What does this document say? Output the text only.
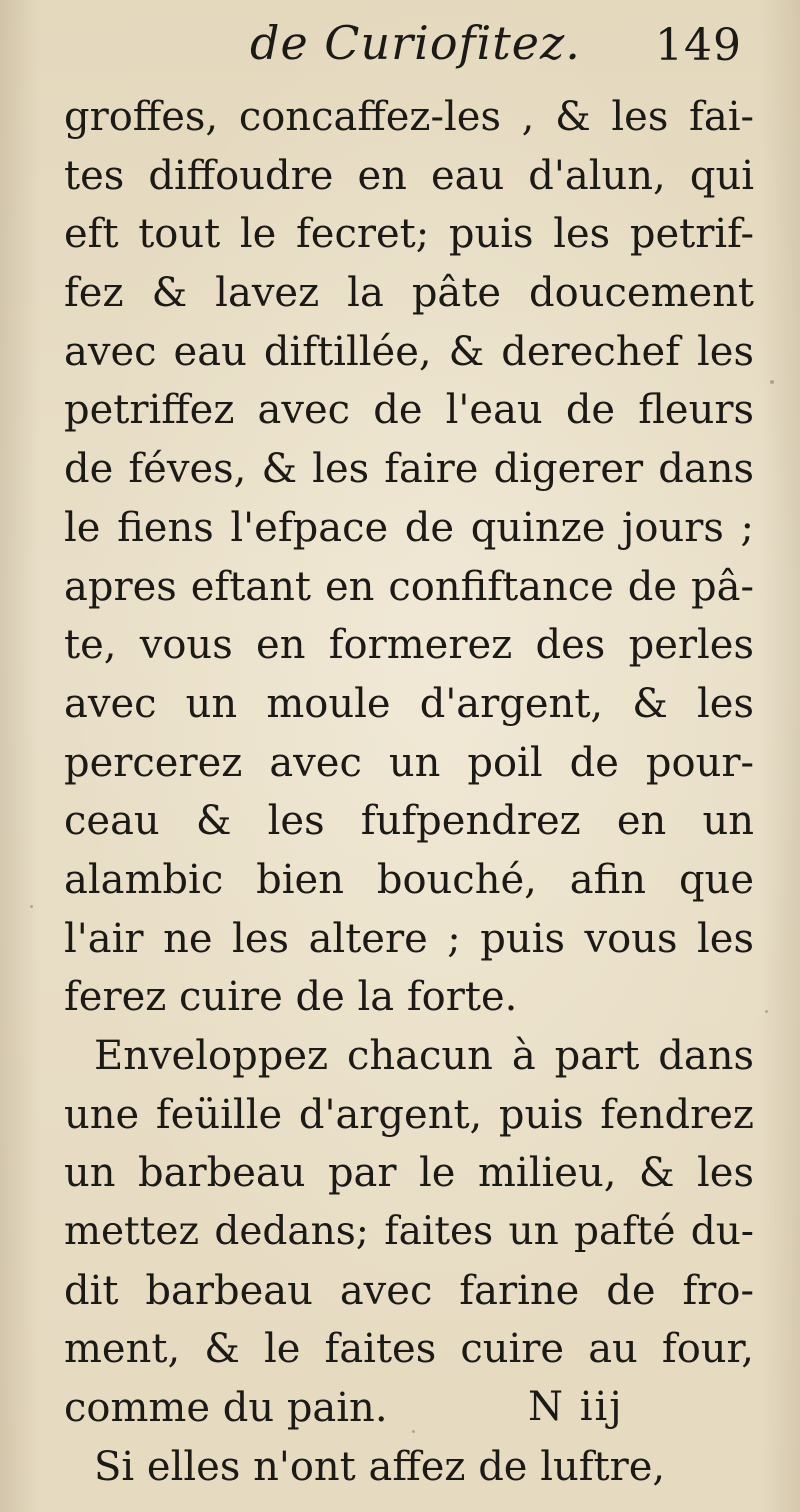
de Curiofitez. 149
groffes, concaffez-les , & les fai-
tes diffoudre en eau d'alun, qui
eft tout le fecret; puis les petrif-
fez & lavez la pâte doucement
avec eau diftillée, & derechef les
petriffez avec de l'eau de fleurs
de féves, & les faire digerer dans
le fiens l'efpace de quinze jours ;
apres eftant en confiftance de pâ-
te, vous en formerez des perles
avec un moule d'argent, & les
percerez avec un poil de pour-
ceau & les fufpendrez en un
alambic bien bouché, afin que
l'air ne les altere ; puis vous les
ferez cuire de la forte.
Enveloppez chacun à part dans
une feüille d'argent, puis fendrez
un barbeau par le milieu, & les
mettez dedans; faites un pafté du-
dit barbeau avec farine de fro-
ment, & le faites cuire au four,
comme du pain.
Si elles n'ont affez de luftre,
N iij
